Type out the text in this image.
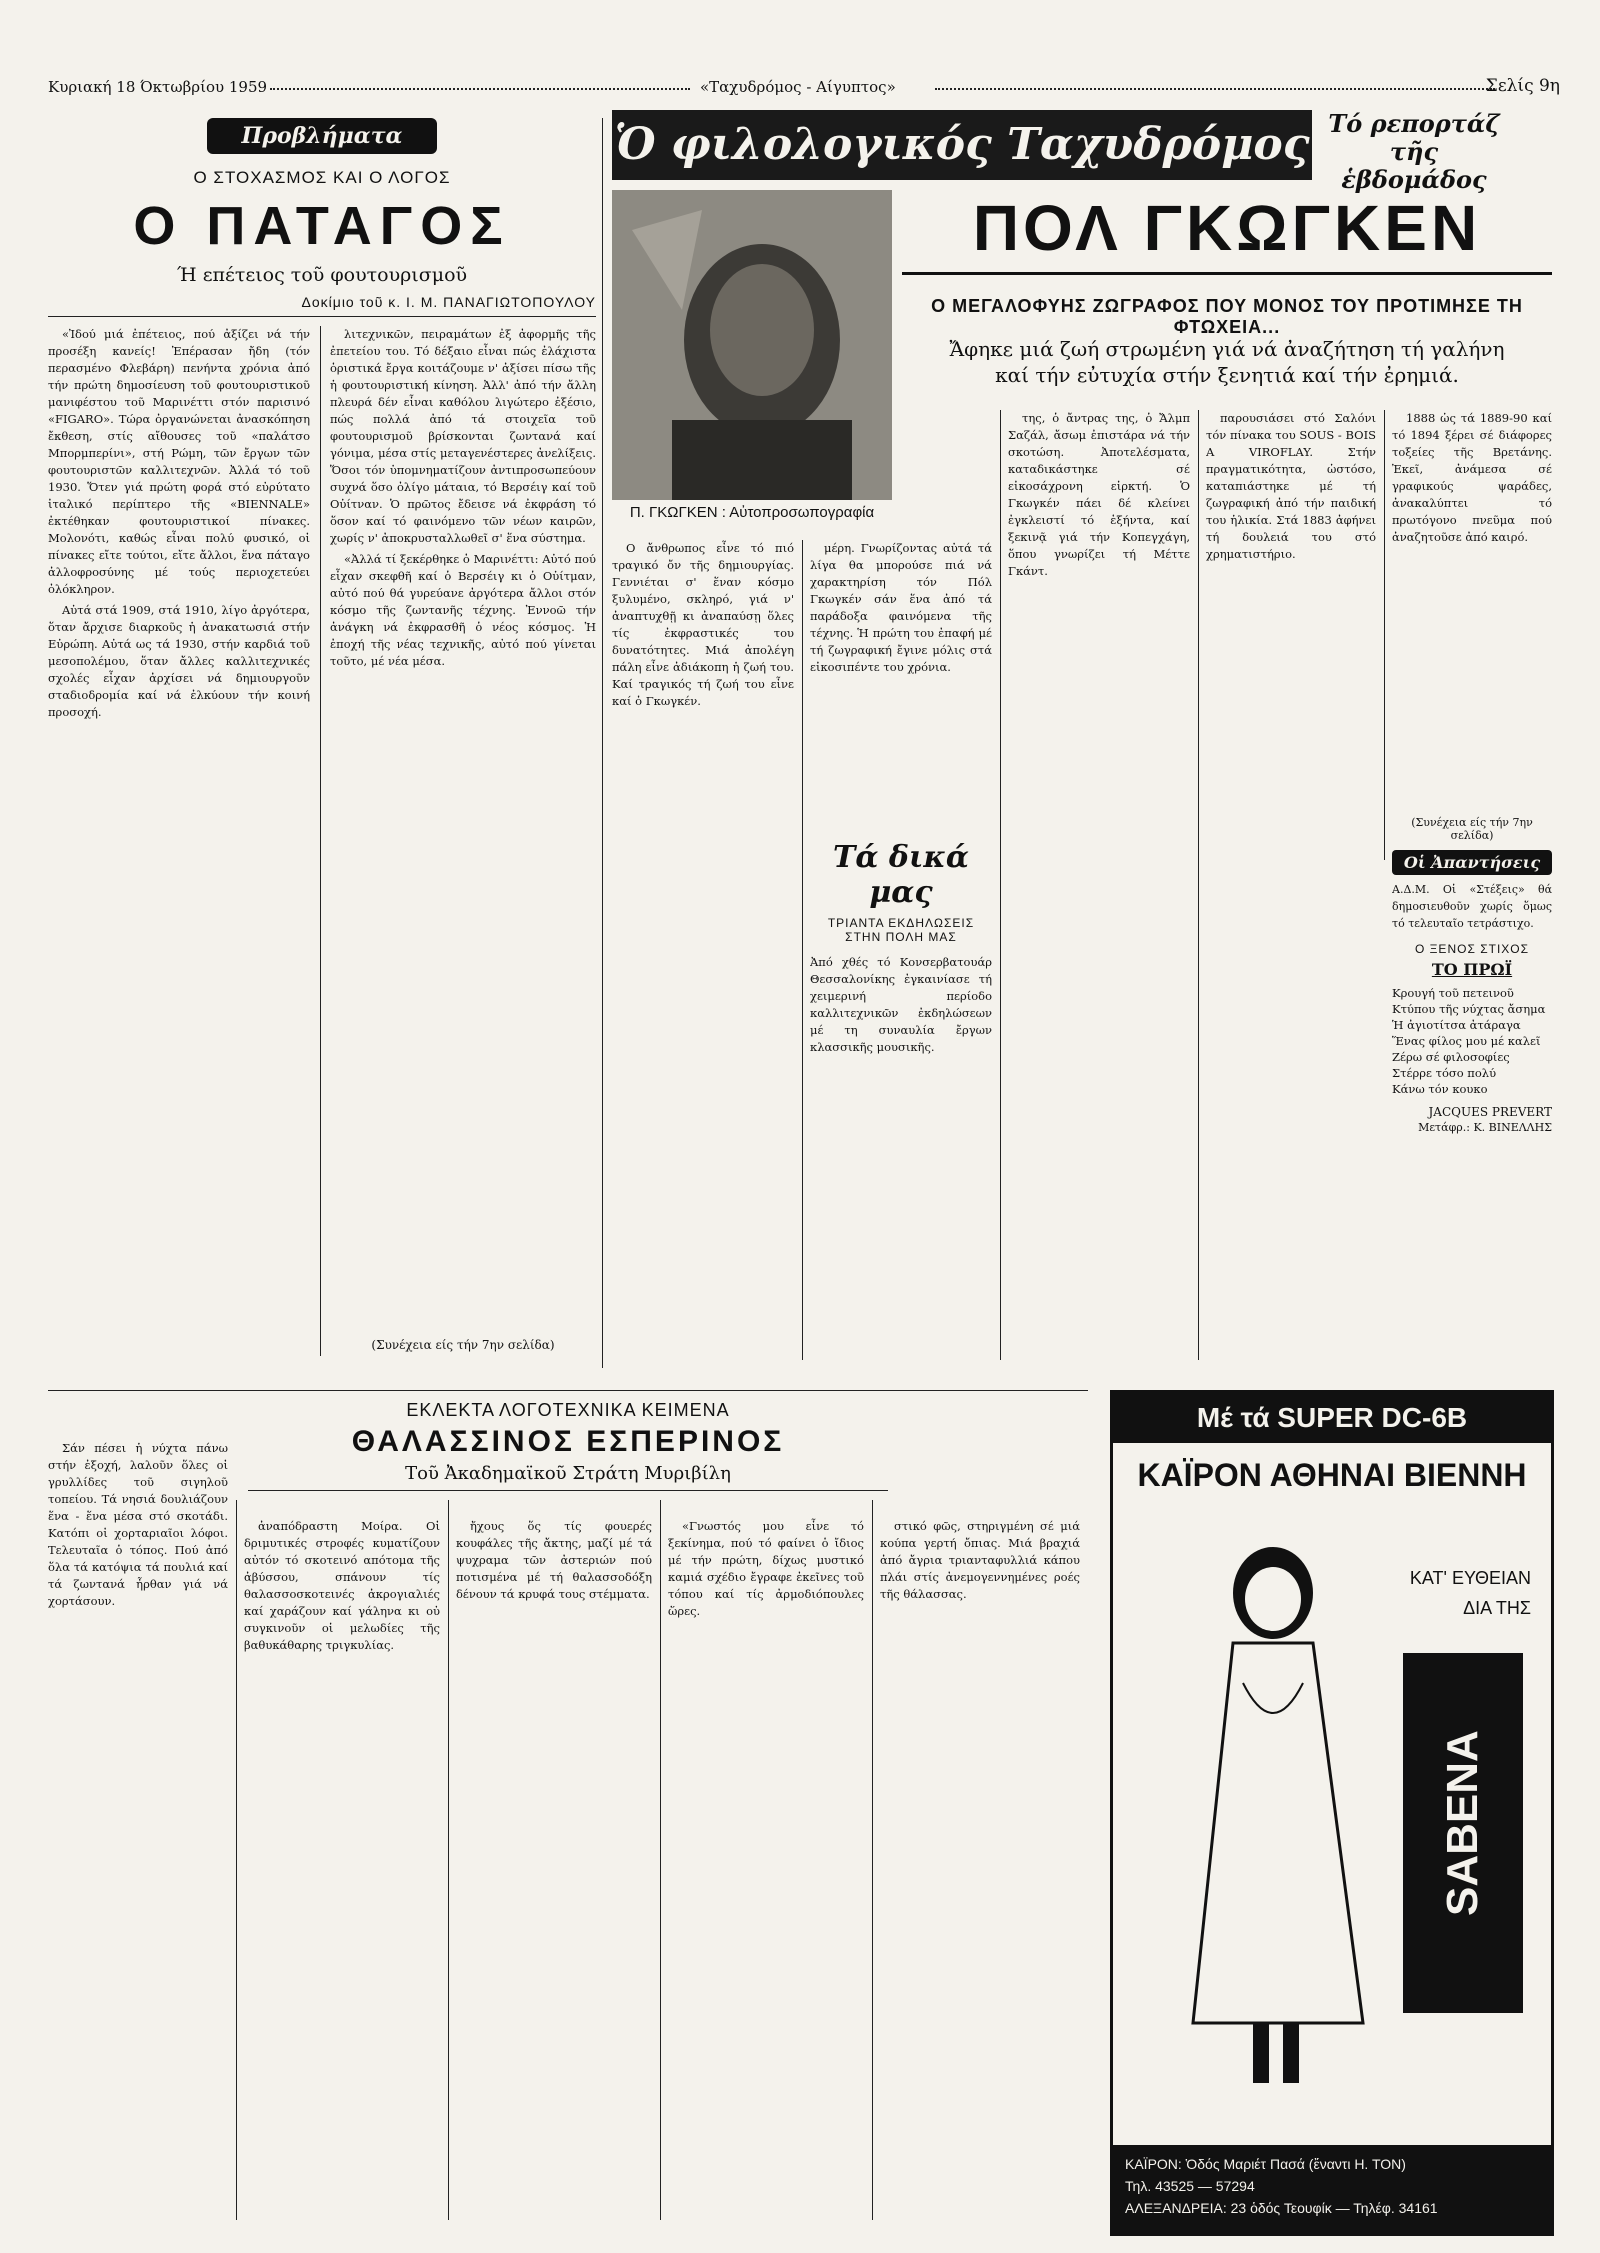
Κυριακή 18 Όκτωβρίου 1959	«Ταχυδρόμος - Αίγυπτος»	Σελίς 9η
Προβλήματα
Ο ΣΤΟΧΑΣΜΟΣ ΚΑΙ Ο ΛΟΓΟΣ
Ο ΠΑΤΑΓΟΣ
Ή επέτειος τοῦ φουτουρισμοῦ
Δοκίμιο τοῦ κ. Ι. Μ. ΠΑΝΑΓΙΩΤΟΠΟΥΛΟΥ

«Ἰδού μιά ἐπέτειος, πού ἀξίζει νά τήν προσέξη κανείς! Ἐπέρασαν ἤδη (τόν περασμένο Φλεβάρη) πενήντα χρόνια ἀπό τήν πρώτη δημοσίευση τοῦ φουτουριστικοῦ μανιφέστου τοῦ Μαρινέττι στόν παρισινό «FIGARO». Τώρα ὀργανώνεται ἀνασκόπηση ἔκθεση, στίς αἴθουσες τοῦ «παλάτσο Μπορμπερίνι», στή Ρώμη, τῶν ἔργων τῶν φουτουριστῶν καλλιτεχνῶν. Ἀλλά τό τοῦ 1930. Ὅτεν γιά πρώτη φορά στό εὐρύτατο ἰταλικό περίπτερο τῆς «BIENNALE» ἐκτέθηκαν φουτουριστικοί πίνακες. Μολονότι, καθώς εἶναι πολύ φυσικό, οἱ πίνακες εἴτε τούτοι, εἴτε ἄλλοι, ἕνα πάταγο ἀλλοφροσύνης μέ τούς περιοχετεύει ὀλόκληρον.

Αὐτά στά 1909, στά 1910, λίγο ἀργότερα, ὅταν ἄρχισε διαρκοῦς ἡ ἀνακατωσιά στήν Εὐρώπη. Αὐτά ως τά 1930, στήν καρδιά τοῦ μεσοπολέμου, ὅταν ἄλλες καλλιτεχνικές σχολές εἶχαν ἀρχίσει νά δημιουργοῦν σταδιοδρομία καί νά ἐλκύουν τήν κοινή προσοχή.

λιτεχνικῶν, πειραμάτων ἐξ ἀφορμῆς τῆς ἐπετείου του. Τό δέξαιο εἶναι πώς ἐλάχιστα ὁριστικά ἔργα κοιτάζουμε ν' ἀξίσει πίσω τῆς ἡ φουτουριστική κίνηση. Ἀλλ' ἀπό τήν ἄλλη πλευρά δέν εἶναι καθόλου λιγώτερο ἐξέσιο, πώς πολλά ἀπό τά στοιχεῖα τοῦ φουτουρισμοῦ βρίσκονται ζωντανά καί γόνιμα, μέσα στίς μεταγενέστερες ἀνελίξεις. Ὅσοι τόν ὑπομνηματίζουν ἀντιπροσωπεύουν συχνά ὅσο ὀλίγο μάταια, τό Βερσέιγ καί τοῦ Οὐίτναν. Ὁ πρῶτος ἔδεισε νά ἐκφράση τό ὅσον καί τό φαινόμενο τῶν νέων καιρῶν, χωρίς ν' ἀποκρυσταλλωθεῖ σ' ἕνα σύστημα.

«Ἀλλά τί ξεκέρθηκε ὁ Μαρινέττι: Αὐτό πού εἶχαν σκεφθῆ καί ὁ Βερσέιγ κι ὁ Οὐίτμαν, αὐτό πού θά γυρεύανε ἀργότερα ἄλλοι στόν κόσμο τῆς ζωντανῆς τέχνης. Ἐννοῶ τήν ἀνάγκη νά ἐκφρασθῆ ὁ νέος κόσμος. Ἡ ἐποχή τῆς νέας τεχνικῆς, αὐτό πού γίνεται τοῦτο, μέ νέα μέσα.

(Συνέχεια είς τήν 7ην σελίδα)
Ὁ φιλολογικός Ταχυδρόμος Τό ρεπορτάζ τῆς ἑβδομάδος
Π. ΓΚΩΓΚΕΝ : Αὐτοπροσωπογραφία
ΠΟΛ ΓΚΩΓΚΕΝ
Ο ΜΕΓΑΛΟΦΥΗΣ ΖΩΓΡΑΦΟΣ ΠΟΥ ΜΟΝΟΣ ΤΟΥ ΠΡΟΤΙΜΗΣΕ ΤΗ ΦΤΩΧΕΙΑ...
Ἄφηκε μιά ζωή στρωμένη γιά νά ἀναζήτηση τή γαλήνη
καί τήν εὐτυχία στήν ξενητιά καί τήν ἐρημιά.

Ο ἄνθρωπος εἶνε τό πιό τραγικό ὄν τῆς δημιουργίας. Γεννιέται σ' ἕναν κόσμο ξυλυμένο, σκληρό, γιά ν' ἀναπτυχθῇ κι ἀναπαύσῃ ὅλες τίς ἐκφραστικές του δυνατότητες. Μιά ἀπολέγη πάλη εἶνε ἀδιάκοπη ἡ ζωή του. Καί τραγικός τή ζωή του εἶνε καί ὁ Γκωγκέν.

μέρη. Γνωρίζοντας αὐτά τά λίγα θα μπορούσε πιά νά χαρακτηρίση τόν Πόλ Γκωγκέν σάν ἕνα ἀπό τά παράδοξα φαινόμενα τῆς τέχνης. Ἡ πρώτη του ἐπαφή μέ τή ζωγραφική ἔγινε μόλις στά εἰκοσιπέντε του χρόνια.

της, ὁ ἄντρας της, ὁ Ἄλμπ Σαζάλ, ἄσωμ ἐπιστάρα νά τήν σκοτώση. Ἀποτελέσματα, καταδικάστηκε σέ εἰκοσάχρονη εἰρκτή. Ὁ Γκωγκέν πάει δέ κλείνει ἐγκλειστί τό ἑξήντα, καί ξεκινᾷ γιά τήν Κοπεγχάγη, ὅπου γνωρίζει τή Μέττε Γκάντ.

παρουσιάσει στό Σαλόνι τόν πίνακα του SOUS - BOIS A VIROFLAY. Στήν πραγματικότητα, ὡστόσο, καταπιάστηκε μέ τή ζωγραφική ἀπό τήν παιδική του ἡλικία. Στά 1883 ἀφήνει τή δουλειά του στό χρηματιστήριο.

1888 ὡς τά 1889-90 καί τό 1894 ξέρει σέ διάφορες τοξείες τῆς Βρετάνης. Ἐκεῖ, ἀνάμεσα σέ γραφικούς ψαράδες, ἀνακαλύπτει τό πρωτόγονο πνεῦμα πού ἀναζητοῦσε ἀπό καιρό.

(Συνέχεια είς τήν 7ην σελίδα)
Τά δικά μας
ΤΡΙΑΝΤΑ ΕΚΔΗΛΩΣΕΙΣ ΣΤΗΝ ΠΟΛΗ ΜΑΣ
Ἀπό χθές τό Κονσερβατουάρ Θεσσαλονίκης ἐγκαινίασε τή χειμερινή περίοδο καλλιτεχνικῶν ἐκδηλώσεων μέ τη συναυλία ἔργων κλασσικῆς μουσικῆς.
Οἱ Ἀπαντήσεις
Α.Δ.Μ. Οἱ «Στέξεις» θά δημοσιευθοῦν χωρίς ὅμως τό τελευταῖο τετράστιχο.
Ο ΞΕΝΟΣ ΣΤΙΧΟΣ
ΤΟ ΠΡΩΪ
Κρουγή τοῦ πετεινοῦ
Κτύπου τῆς νύχτας ἄσημα
Ἡ ἀγιοτίτσα ἀτάραγα
Ἕνας φίλος μου μέ καλεῖ
Ζέρω σέ φιλοσοφίες
Στέρρε τόσο πολύ
Κάνω τόν κουκο
JACQUES PREVERT
Μετάφρ.: Κ. ΒΙΝΕΛΛΗΣ
ΕΚΛΕΚΤΑ ΛΟΓΟΤΕΧΝΙΚΑ ΚΕΙΜΕΝΑ
ΘΑΛΑΣΣΙΝΟΣ ΕΣΠΕΡΙΝΟΣ
Τοῦ Ἀκαδημαϊκοῦ Στράτη Μυριβίλη

Σάν πέσει ἡ νύχτα πάνω στήν ἐξοχή, λαλοῦν ὅλες οἱ γρυλλίδες τοῦ σιγηλοῦ τοπείου. Τά νησιά δουλιάζουν ἕνα - ἕνα μέσα στό σκοτάδι. Κατόπι οἱ χορταριαῖοι λόφοι. Τελευταῖα ὁ τόπος. Πού ἀπό ὅλα τά κατόψια τά πουλιά καί τά ζωντανά ἦρθαν γιά νά χορτάσουν.

ἀναπόδραστη Μοίρα. Οἱ δριμυτικές στροφές κυματίζουν αὐτόν τό σκοτεινό απότομα τῆς ἀβύσσου, σπάνουν τίς θαλασσοσκοτεινές ἀκρογιαλιές καί χαράζουν καί γάληνα κι οὐ συγκινοῦν οἱ μελωδίες τῆς βαθυκάθαρης τριγκυλίας.

ἤχους ὅς τίς φουερές κουφάλες τῆς ἄκτης, μαζί μέ τά ψυχραμα τῶν ἀστεριών πού ποτισμένα μέ τή θαλασσοδόξη δένουν τά κρυφά τους στέμματα.

«Γνωστός μου εἶνε τό ξεκίνημα, πού τό φαίνει ὁ ἴδιος μέ τήν πρώτη, δίχως μυστικό καμιά σχέδιο ἔγραφε ἐκεῖνες τοῦ τόπου καί τίς ἀρμοδιόπουλες ὥρες.

στικό φῶς, στηριγμένη σέ μιά κούπα γερτή ὄπιας. Μιά βραχιά ἀπό ἄγρια τριανταφυλλιά κάπου πλάι στίς ἀνεμογεννημένες ροές τῆς θάλασσας.

Μέ τά SUPER DC-6B
ΚΑΪΡΟΝ ΑΘΗΝΑΙ ΒΙΕΝΝΗ
ΚΑΤ' ΕΥΘΕΙΑΝ
ΔΙΑ ΤΗΣ
SABENA
ΚΑΪΡΟΝ: Ὁδός Μαριέτ Πασά (ἔναντι Η. ΤΟΝ)
Τηλ. 43525 — 57294
ΑΛΕΞΑΝΔΡΕΙΑ: 23 ὁδός Τεουφίκ — Τηλέφ. 34161
